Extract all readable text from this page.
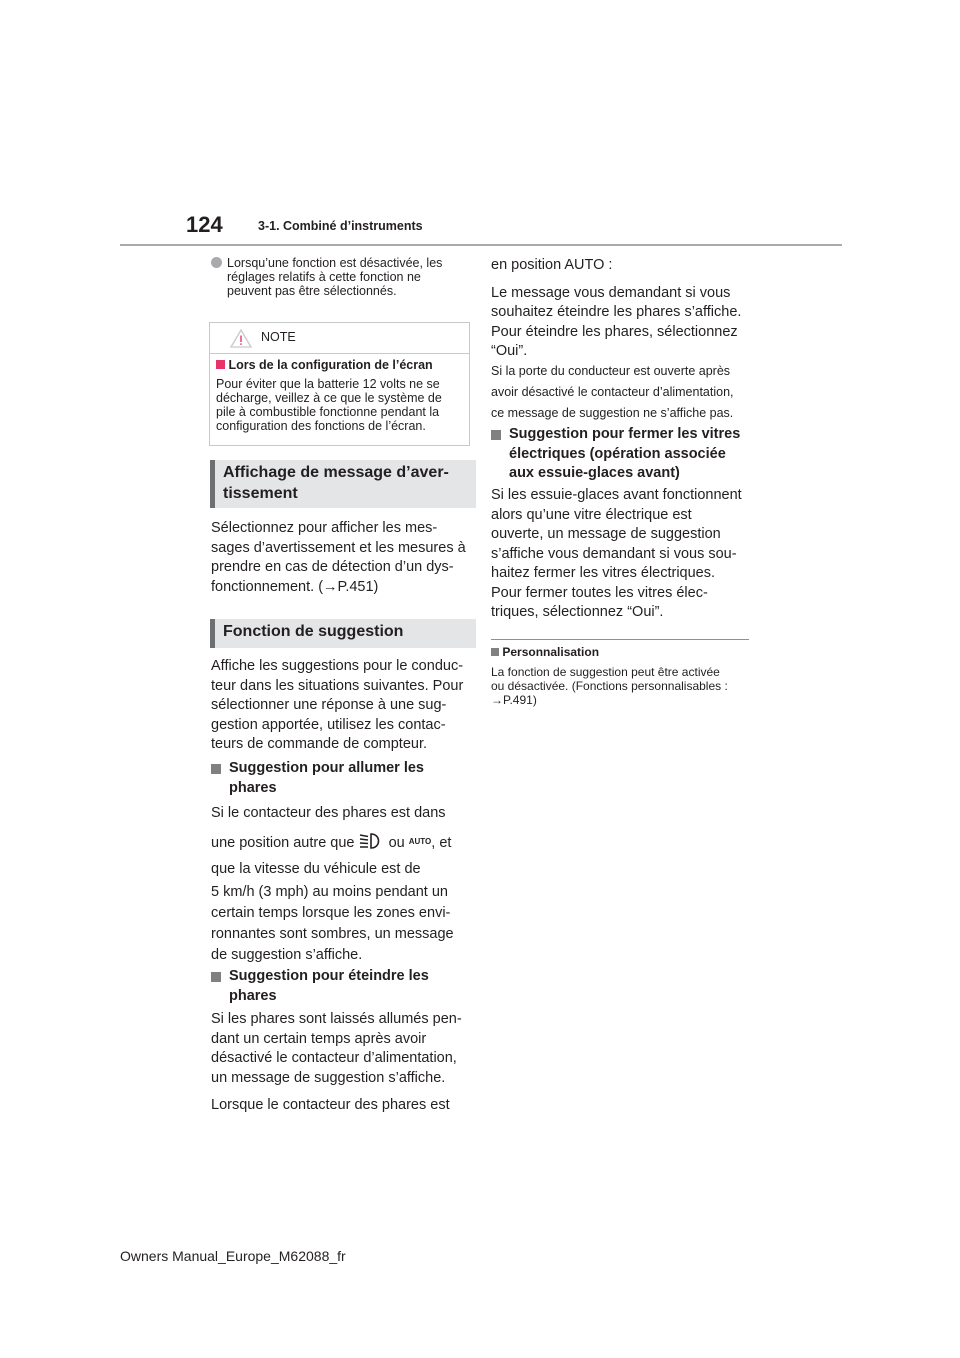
124	3-1. Combiné d’instruments
Lorsqu’une fonction est désactivée, les
réglages relatifs à cette fonction ne
peuvent pas être sélectionnés.
NOTE
Lors de la configuration de l’écran
Pour éviter que la batterie 12 volts ne se
décharge, veillez à ce que le système de
pile à combustible fonctionne pendant la
configuration des fonctions de l’écran.
Affichage de message d’aver-
tissement
Sélectionnez pour afficher les mes-
sages d’avertissement et les mesures à
prendre en cas de détection d’un dys-
fonctionnement. (→P.451)
Fonction de suggestion
Affiche les suggestions pour le conduc-
teur dans les situations suivantes. Pour
sélectionner une réponse à une sug-
gestion apportée, utilisez les contac-
teurs de commande de compteur.
Suggestion pour allumer les
phares
Si le contacteur des phares est dans
une position autre que ou $^{AUTO}$, et
que la vitesse du véhicule est de
5 km/h (3 mph) au moins pendant un
certain temps lorsque les zones envi-
ronnantes sont sombres, un message
de suggestion s’affiche.
Suggestion pour éteindre les
phares
Si les phares sont laissés allumés pen-
dant un certain temps après avoir
désactivé le contacteur d’alimentation,
un message de suggestion s’affiche.
Lorsque le contacteur des phares est
en position AUTO :
Le message vous demandant si vous
souhaitez éteindre les phares s’affiche.
Pour éteindre les phares, sélectionnez
“Oui”.
Si la porte du conducteur est ouverte après
avoir désactivé le contacteur d’alimentation,
ce message de suggestion ne s’affiche pas.
Suggestion pour fermer les vitres
électriques (opération associée
aux essuie-glaces avant)
Si les essuie-glaces avant fonctionnent
alors qu’une vitre électrique est
ouverte, un message de suggestion
s’affiche vous demandant si vous sou-
haitez fermer les vitres électriques.
Pour fermer toutes les vitres élec-
triques, sélectionnez “Oui”.
Personnalisation
La fonction de suggestion peut être activée
ou désactivée. (Fonctions personnalisables :
→P.491)
Owners Manual_Europe_M62088_fr
